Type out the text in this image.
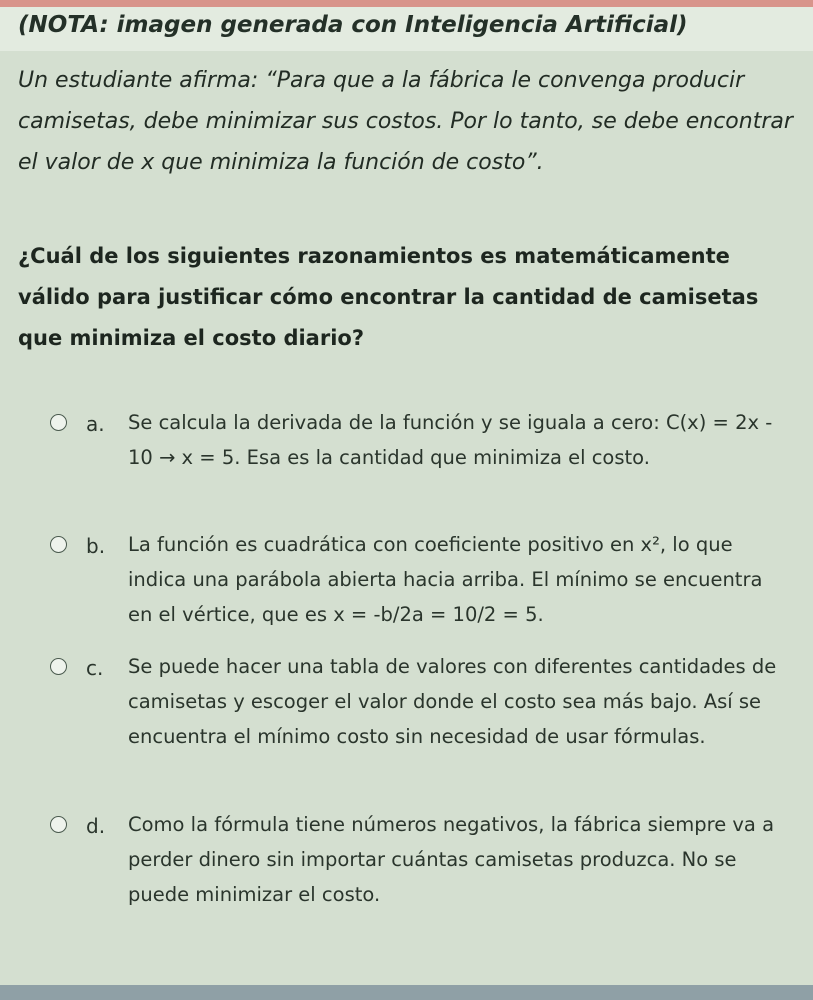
(NOTA: imagen generada con Inteligencia Artificial)
Un estudiante afirma: “Para que a la fábrica le convenga producir camisetas, debe minimizar sus costos. Por lo tanto, se debe encontrar el valor de x que minimiza la función de costo”.
¿Cuál de los siguientes razonamientos es matemáticamente válido para justificar cómo encontrar la cantidad de camisetas que minimiza el costo diario?
a. Se calcula la derivada de la función y se iguala a cero: C(x) = 2x - 10 → x = 5. Esa es la cantidad que minimiza el costo.
b. La función es cuadrática con coeficiente positivo en x², lo que indica una parábola abierta hacia arriba. El mínimo se encuentra en el vértice, que es x = -b/2a = 10/2 = 5.
c. Se puede hacer una tabla de valores con diferentes cantidades de camisetas y escoger el valor donde el costo sea más bajo. Así se encuentra el mínimo costo sin necesidad de usar fórmulas.
d. Como la fórmula tiene números negativos, la fábrica siempre va a perder dinero sin importar cuántas camisetas produzca. No se puede minimizar el costo.
